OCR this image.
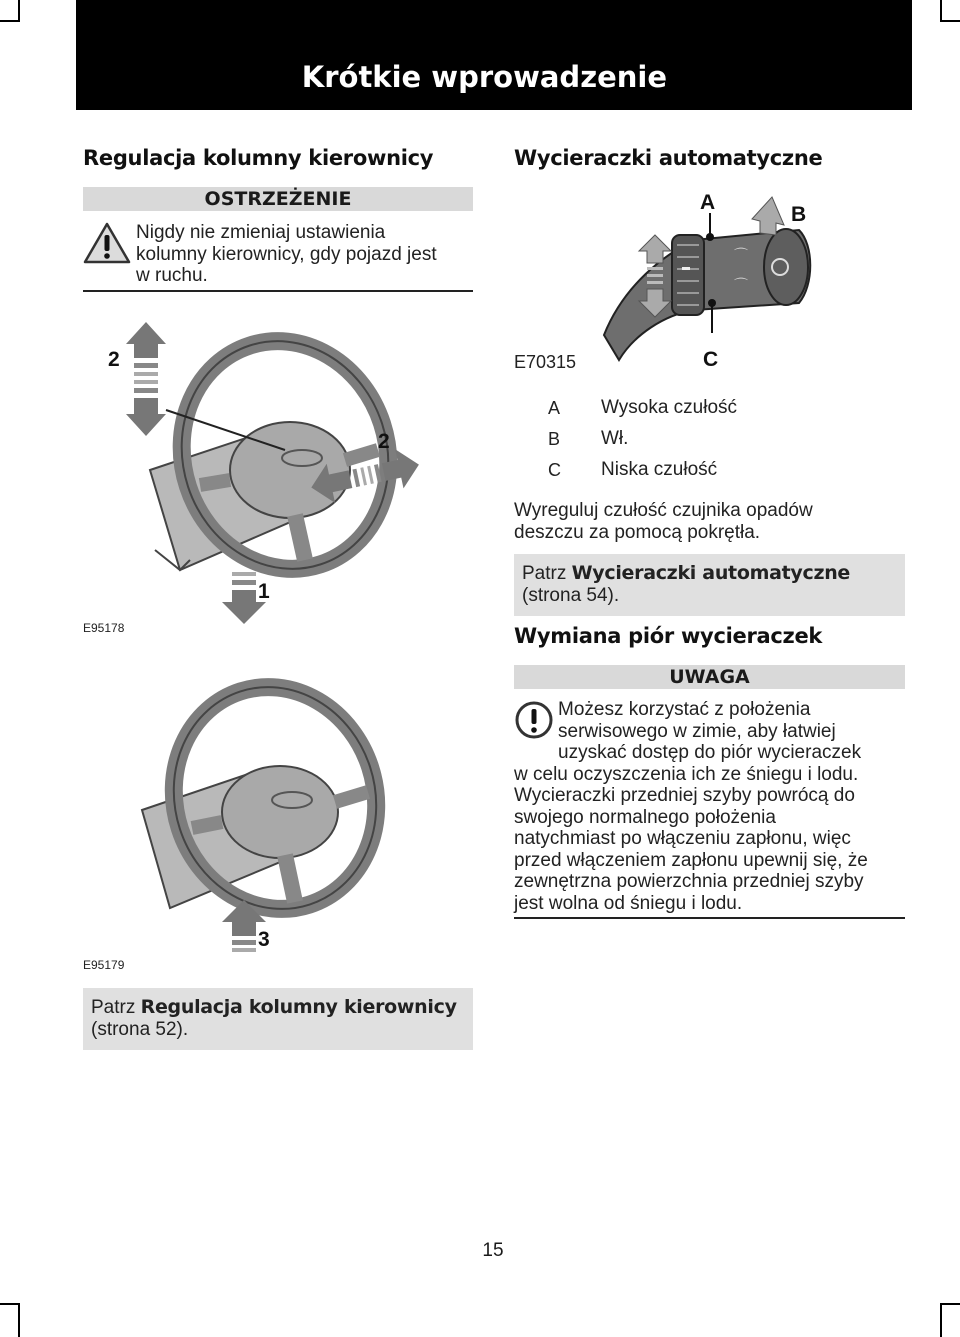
Krótkie wprowadzenie
Regulacja kolumny kierownicy
OSTRZEŻENIE
Nigdy nie zmieniaj ustawienia
kolumny kierownicy, gdy pojazd jest
w ruchu.
2
2
1
E95178
3
E95179
Patrz Regulacja kolumny kierownicy
(strona 52).
Wycieraczki automatyczne
⌒
⌒
A
B
C
E70315
A Wysoka czułość
B Wł.
C Niska czułość
Wyreguluj czułość czujnika opadów
deszczu za pomocą pokrętła.
Patrz Wycieraczki automatyczne
(strona 54).
Wymiana piór wycieraczek
UWAGA
Możesz korzystać z położenia
serwisowego w zimie, aby łatwiej
uzyskać dostęp do piór wycieraczek
w celu oczyszczenia ich ze śniegu i lodu.
Wycieraczki przedniej szyby powrócą do
swojego normalnego położenia
natychmiast po włączeniu zapłonu, więc
przed włączeniem zapłonu upewnij się, że
zewnętrzna powierzchnia przedniej szyby
jest wolna od śniegu i lodu.
15
